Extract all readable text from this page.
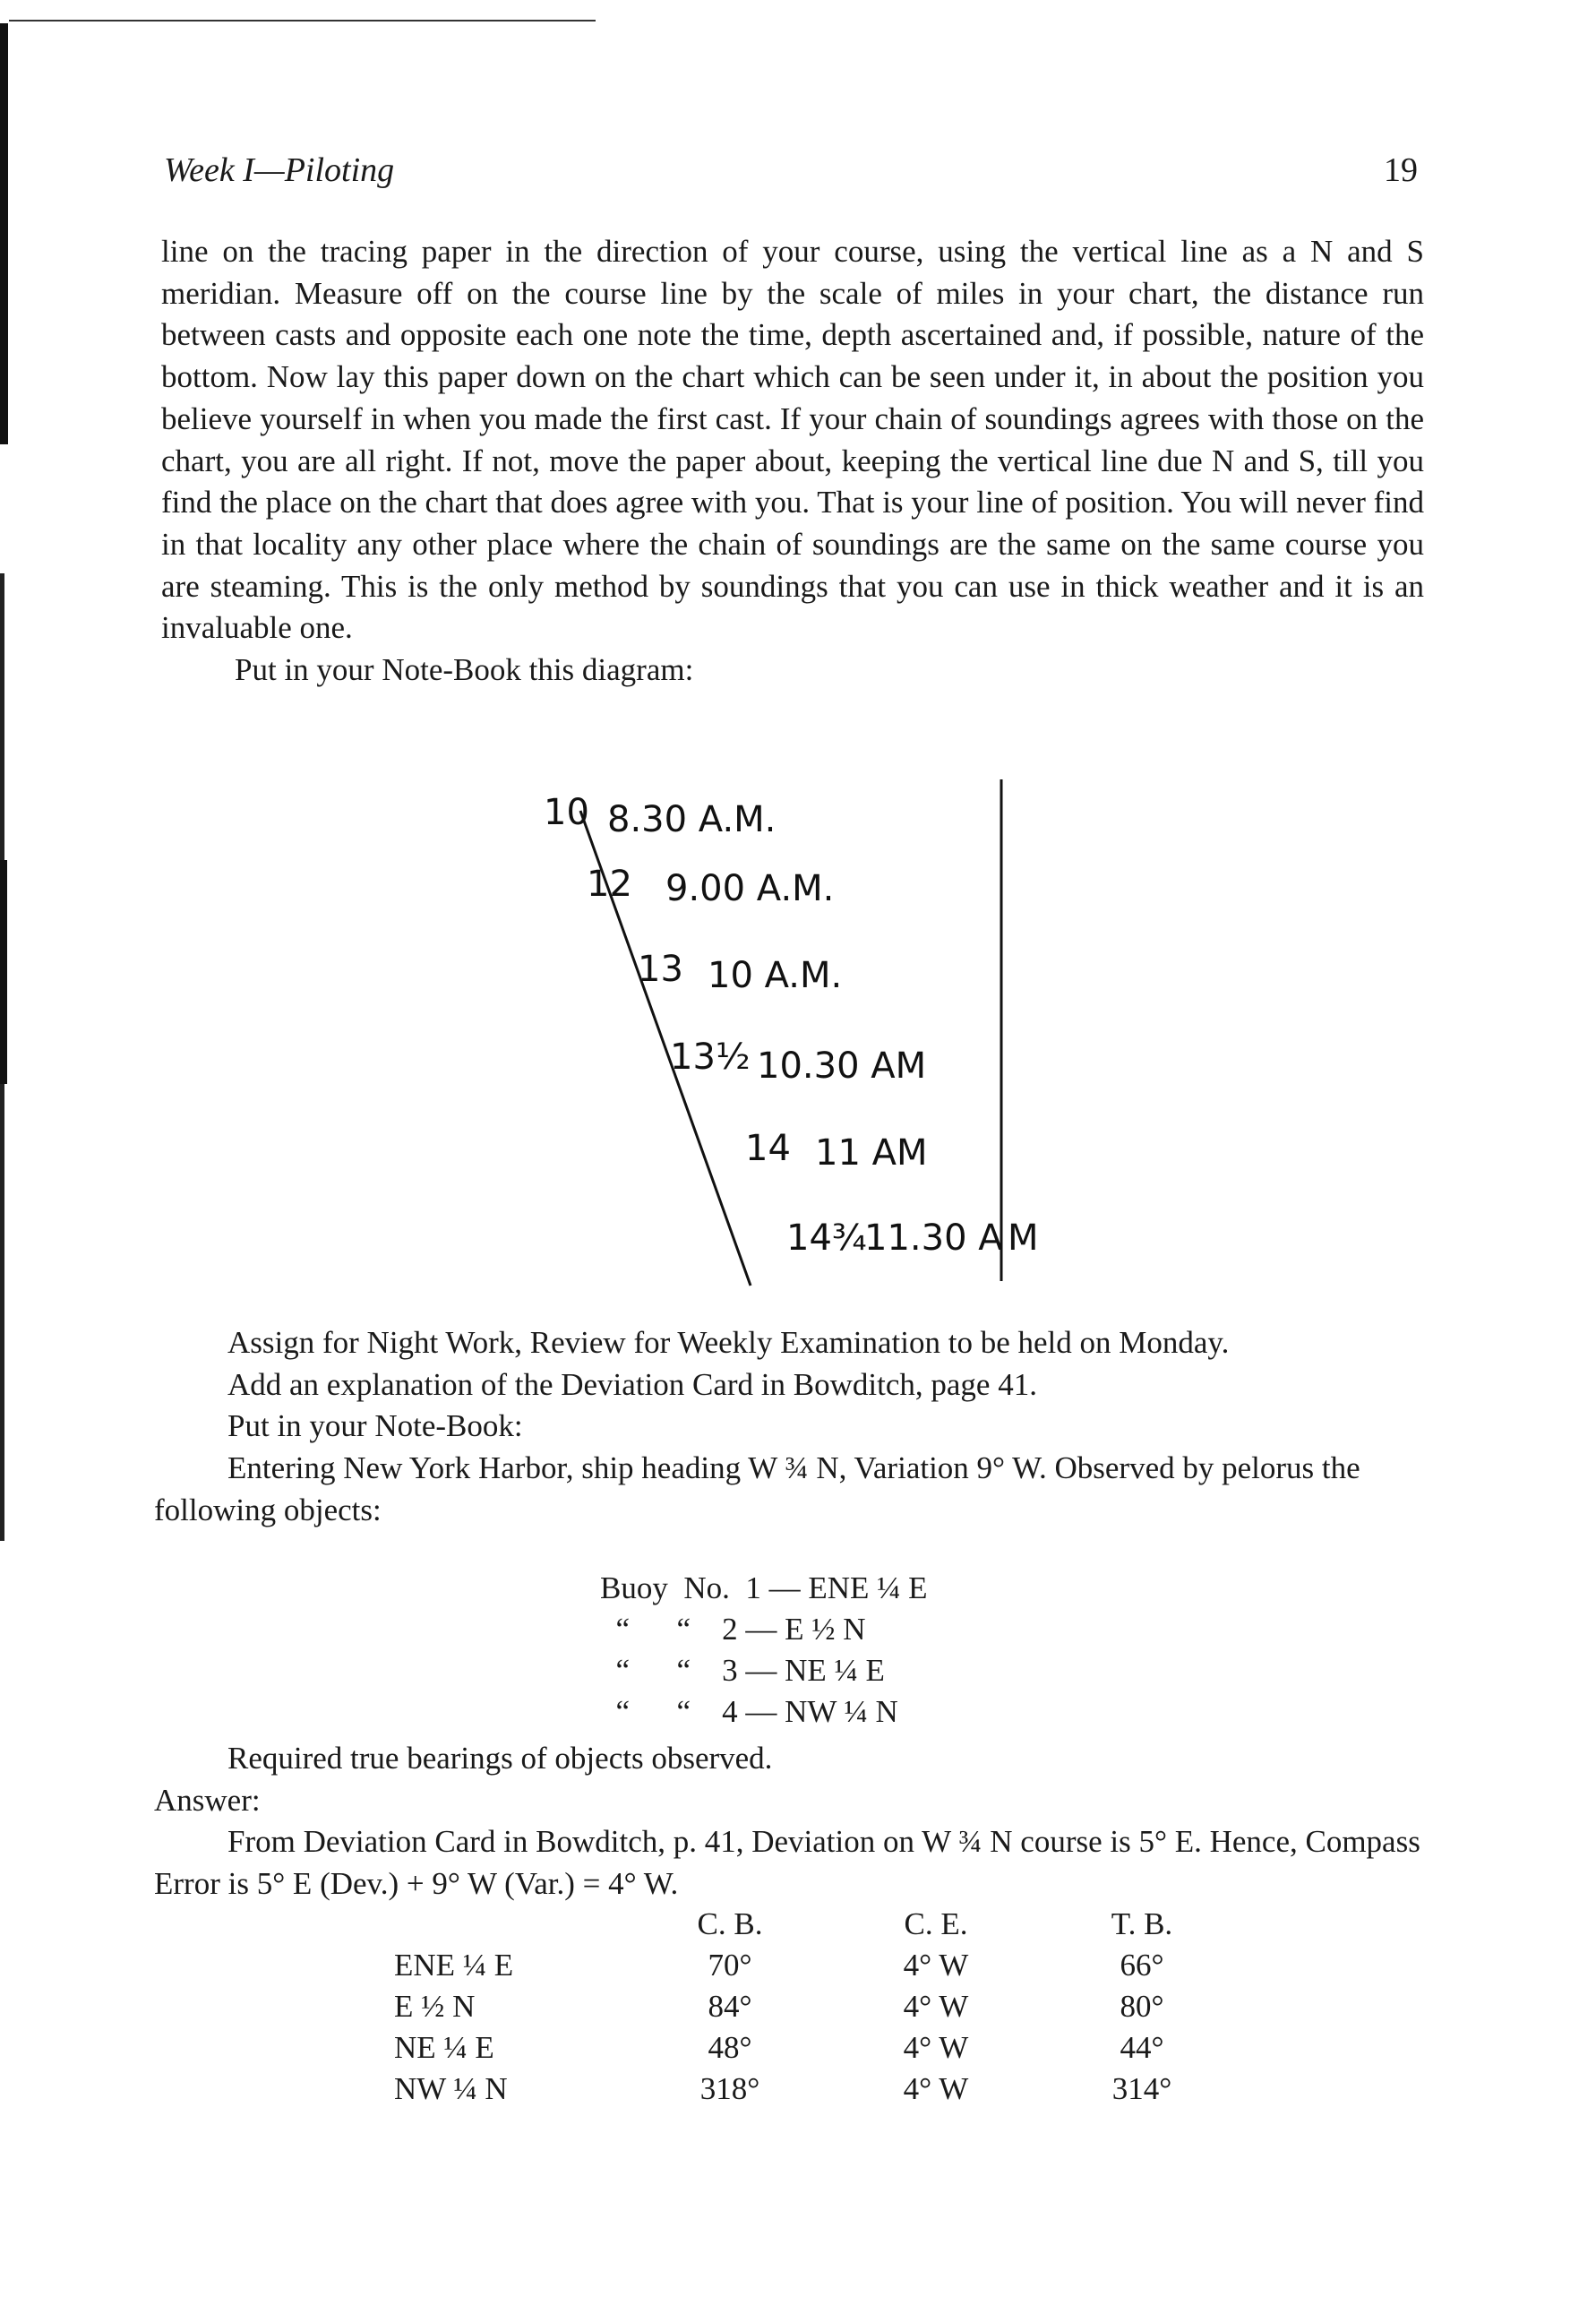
Week I—Piloting	19

line on the tracing paper in the direction of your course, using the vertical line as a N and S meridian. Measure off on the course line by the scale of miles in your chart, the distance run between casts and opposite each one note the time, depth ascertained and, if possible, nature of the bottom. Now lay this paper down on the chart which can be seen under it, in about the position you believe yourself in when you made the first cast. If your chain of soundings agrees with those on the chart, you are all right. If not, move the paper about, keeping the vertical line due N and S, till you find the place on the chart that does agree with you. That is your line of position. You will never find in that locality any other place where the chain of soundings are the same on the same course you are steaming. This is the only method by soundings that you can use in thick weather and it is an invaluable one.

Put in your Note-Book this diagram:

10 8.30 A.M.
12 9.00 A.M.
13 10 A.M.
13½ 10.30 AM
14 11 AM
14¾
11.30 A M

Assign for Night Work, Review for Weekly Examination to be held on Monday.

Add an explanation of the Deviation Card in Bowditch, page 41.

Put in your Note-Book:

Entering New York Harbor, ship heading W ¾ N, Variation 9° W. Observed by pelorus the following objects:

Buoy  No.  1 — ENE ¼ E
“      “    2 — E ½ N
“      “    3 — NE ¼ E
“      “    4 — NW ¼ N

Required true bearings of objects observed.

Answer:

From Deviation Card in Bowditch, p. 41, Deviation on W ¾ N course is 5° E. Hence, Compass Error is 5° E (Dev.) + 9° W (Var.) = 4° W.

	C. B.	C. E.	T. B.
ENE ¼ E	70°	4° W	66°
E ½ N	84°	4° W	80°
NE ¼ E	48°	4° W	44°
NW ¼ N	318°	4° W	314°
